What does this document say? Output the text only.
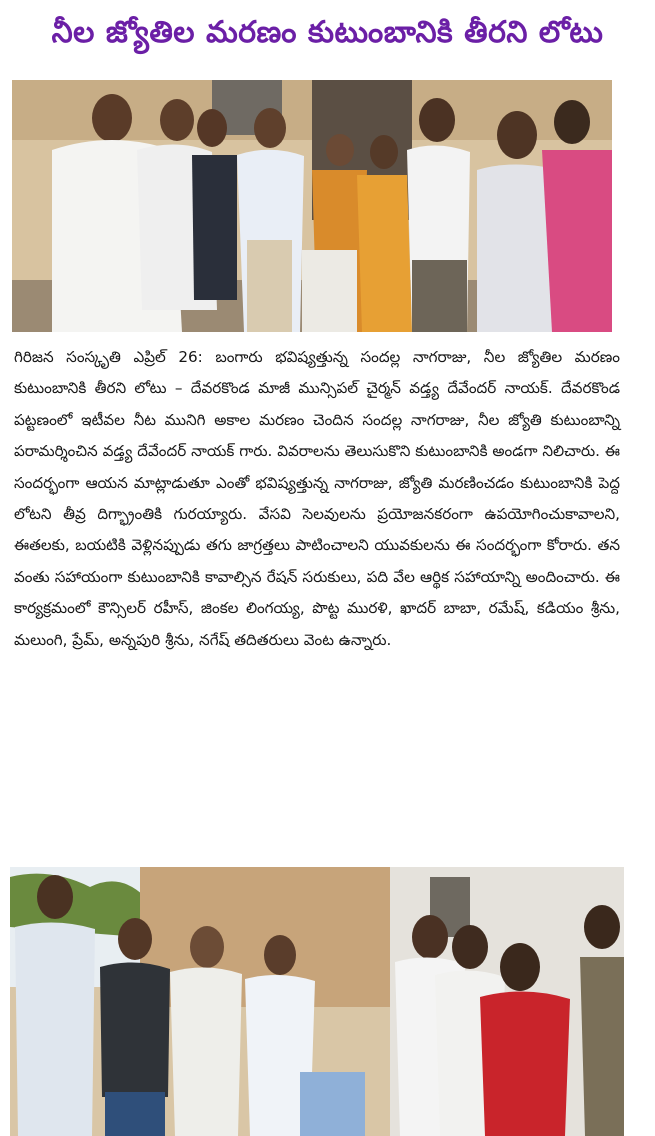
నీల జ్యోతిల మరణం కుటుంబానికి తీరని లోటు
గిరిజన సంస్కృతి ఎప్రిల్ 26: బంగారు భవిష్యత్తున్న సందల్ల నాగరాజు, నీల జ్యోతిల మరణం కుటుంబానికి తీరని లోటు – దేవరకొండ మాజీ మున్సిపల్ చైర్మన్ వడ్త్య దేవేందర్ నాయక్. దేవరకొండ పట్టణంలో ఇటీవల నీట మునిగి అకాల మరణం చెందిన సందల్ల నాగరాజు, నీల జ్యోతి కుటుంబాన్ని పరామర్శించిన వడ్త్య దేవేందర్ నాయక్ గారు. వివరాలను తెలుసుకొని కుటుంబానికి అండగా నిలిచారు. ఈ సందర్భంగా ఆయన మాట్లాడుతూ ఎంతో భవిష్యత్తున్న నాగరాజు, జ్యోతి మరణించడం కుటుంబానికి పెద్ద లోటని తీవ్ర దిగ్భ్రాంతికి గురయ్యారు. వేసవి సెలవులను ప్రయోజనకరంగా ఉపయోగించుకావాలని, ఈతలకు, బయటికి వెళ్లినప్పుడు తగు జాగ్రత్తలు పాటించాలని యువకులను ఈ సందర్భంగా కోరారు. తన వంతు సహాయంగా కుటుంబానికి కావాల్సిన రేషన్ సరుకులు, పది వేల ఆర్థిక సహాయాన్ని అందించారు. ఈ కార్యక్రమంలో కౌన్సిలర్ రహీస్, జింకల లింగయ్య, పొట్ట మురళి, ఖాదర్ బాబా, రమేష్, కడియం శ్రీను, మలుంగి, ప్రేమ్, అన్నపురి శ్రీను, నగేష్ తదితరులు వెంట ఉన్నారు.
